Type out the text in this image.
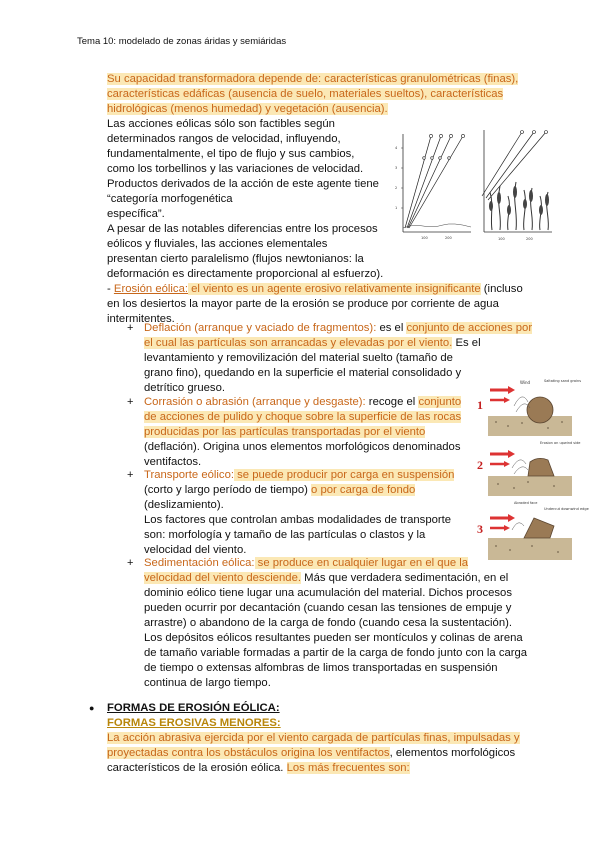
Tema 10: modelado de zonas áridas y semiáridas
Su capacidad transformadora depende de: características granulométricas (finas),
características edáficas (ausencia de suelo, materiales sueltos), características
hidrológicas (menos humedad) y vegetación (ausencia).
Las acciones eólicas sólo son factibles según
determinados rangos de velocidad, influyendo,
fundamentalmente, el tipo de flujo y sus cambios,
como los torbellinos y las variaciones de velocidad.
Productos derivados de la acción de este agente tiene
“categoría morfogenética
específica”.
A pesar de las notables diferencias entre los procesos
eólicos y fluviales, las acciones elementales
presentan cierto paralelismo (flujos newtonianos: la
deformación es directamente proporcional al esfuerzo).
4
3
2
1
100	200	100	200
- Erosión eólica: el viento es un agente erosivo relativamente insignificante (incluso
en los desiertos la mayor parte de la erosión se produce por corriente de agua
intermitentes.
+ Deflación (arranque y vaciado de fragmentos): es el conjunto de acciones por
el cual las partículas son arrancadas y elevadas por el viento. Es el
levantamiento y removilización del material suelto (tamaño de
grano fino), quedando en la superficie el material consolidado y
detrítico grueso.
+ Corrasión o abrasión (arranque y desgaste): recoge el conjunto
de acciones de pulido y choque sobre la superficie de las rocas
producidas por las partículas transportadas por el viento
(deflación). Origina unos elementos morfológicos denominados
ventifactos.
+ Transporte eólico: se puede producir por carga en suspensión
(corto y largo período de tiempo) o por carga de fondo
(deslizamiento).
Los factores que controlan ambas modalidades de transporte
son: morfología y tamaño de las partículas o clastos y la
velocidad del viento.
+ Sedimentación eólica: se produce en cualquier lugar en el que la
velocidad del viento desciende. Más que verdadera sedimentación, en el
dominio eólico tiene lugar una acumulación del material. Dichos procesos
pueden ocurrir por decantación (cuando cesan las tensiones de empuje y
arrastre) o abandono de la carga de fondo (cuando cesa la sustentación).
Los depósitos eólicos resultantes pueden ser montículos y colinas de arena
de tamaño variable formadas a partir de la carga de fondo junto con la carga
de tiempo o extensas alfombras de limos transportadas en suspensión
continua de largo tiempo.
1
2
3
Wind	Saltating sand grains
Erosion on upwind side
Abraded face
Undercut downwind edge
● FORMAS DE EROSIÓN EÓLICA:
FORMAS EROSIVAS MENORES:
La acción abrasiva ejercida por el viento cargada de partículas finas, impulsadas y
proyectadas contra los obstáculos origina los ventifactos, elementos morfológicos
característicos de la erosión eólica. Los más frecuentes son:
